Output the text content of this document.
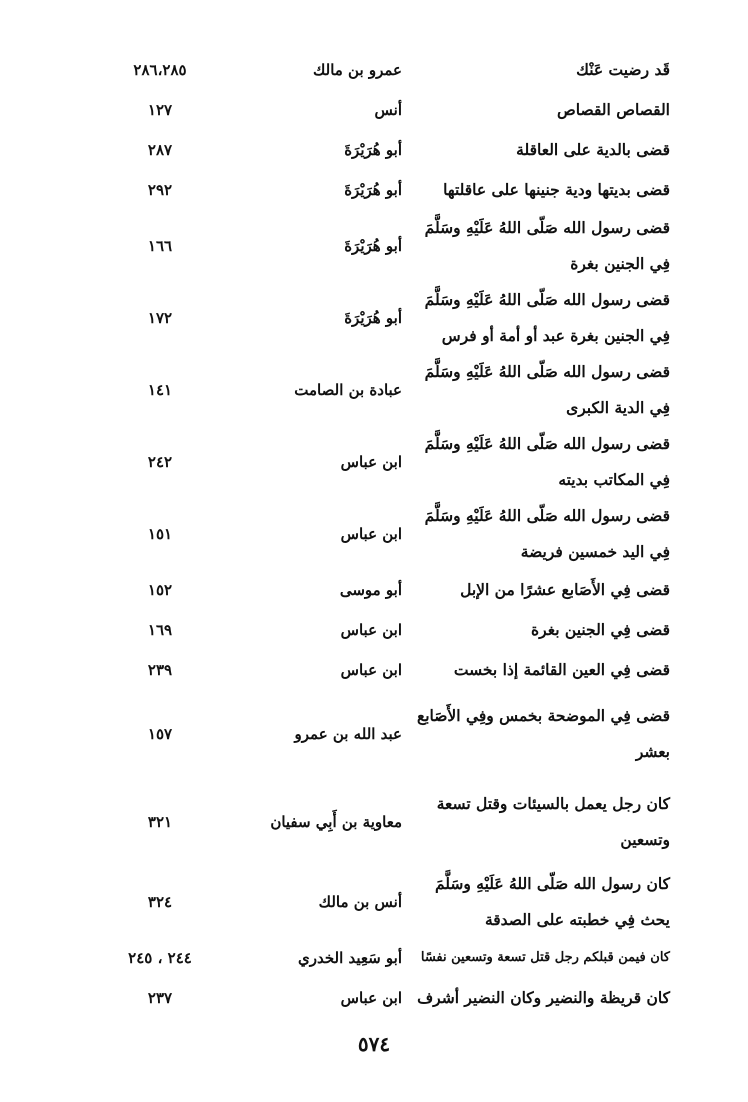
قَد رضيت عَنْك
عمرو بن مالك
٢٨٦،٢٨٥
القصاص القصاص
أنس
١٢٧
قضى بالدية على العاقلة
أبو هُرَيْرَةَ
٢٨٧
قضى بديتها ودية جنينها على عاقلتها
أبو هُرَيْرَةَ
٢٩٢
قضى رسول الله صَلّى اللهُ عَلَيْهِ وسَلَّمَ فِي الجنين بغرة
أبو هُرَيْرَةَ
١٦٦
قضى رسول الله صَلّى اللهُ عَلَيْهِ وسَلَّمَ فِي الجنين بغرة عبد أو أمة أو فرس
أبو هُرَيْرَةَ
١٧٢
قضى رسول الله صَلّى اللهُ عَلَيْهِ وسَلَّمَ فِي الدية الكبرى
عبادة بن الصامت
١٤١
قضى رسول الله صَلّى اللهُ عَلَيْهِ وسَلَّمَ فِي المكاتب بديته
ابن عباس
٢٤٢
قضى رسول الله صَلّى اللهُ عَلَيْهِ وسَلَّمَ فِي اليد خمسين فريضة
ابن عباس
١٥١
قضى فِي الأَصَابع عشرًا من الإبل
أبو موسى
١٥٢
قضى فِي الجنين بغرة
ابن عباس
١٦٩
قضى فِي العين القائمة إذا بخست
ابن عباس
٢٣٩
قضى فِي الموضحة بخمس وفِي الأَصَابع بعشر
عبد الله بن عمرو
١٥٧
كان رجل يعمل بالسيئات وقتل تسعة وتسعين
معاوية بن أَبِي سفيان
٣٢١
كان رسول الله صَلّى اللهُ عَلَيْهِ وسَلَّمَ يحث فِي خطبته على الصدقة
أنس بن مالك
٣٢٤
كان فيمن قبلكم رجل قتل تسعة وتسعين نفسًا
أبو سَعِيد الخدري
٢٤٤ ، ٢٤٥
كان قريظة والنضير وكان النضير أشرف
ابن عباس
٢٣٧
٥٧٤
